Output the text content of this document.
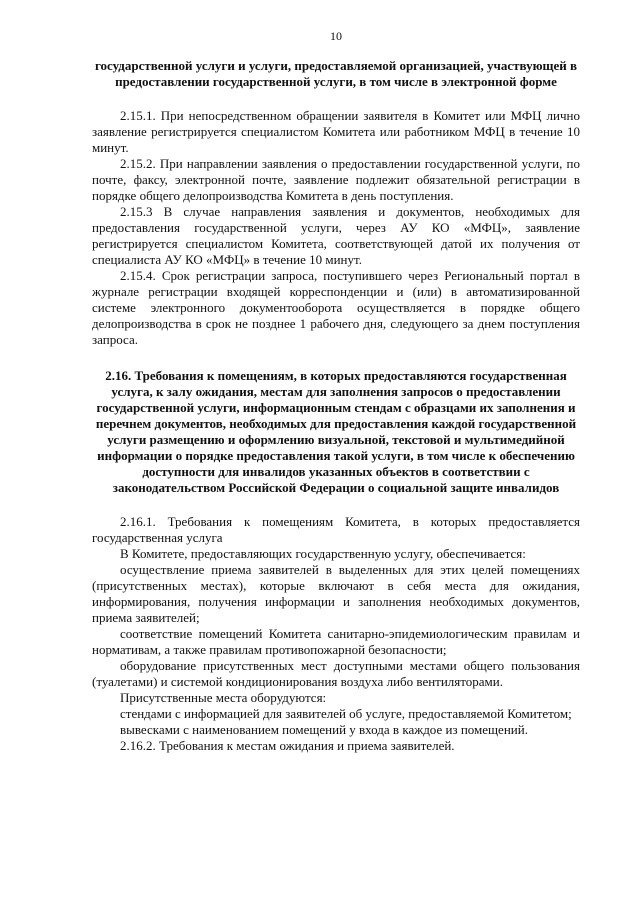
10

государственной услуги и услуги, предоставляемой организацией, участвующей в предоставлении государственной услуги, в том числе в электронной форме

2.15.1. При непосредственном обращении заявителя в Комитет или МФЦ лично заявление регистрируется специалистом Комитета или работником МФЦ в течение 10 минут.

2.15.2. При направлении заявления о предоставлении государственной услуги, по почте, факсу, электронной почте, заявление подлежит обязательной регистрации в порядке общего делопроизводства Комитета в день поступления.

2.15.3 В случае направления заявления и документов, необходимых для предоставления государственной услуги, через АУ КО «МФЦ», заявление регистрируется специалистом Комитета, соответствующей датой их получения от специалиста АУ КО «МФЦ» в течение 10 минут.

2.15.4. Срок регистрации запроса, поступившего через Региональный портал в журнале регистрации входящей корреспонденции и (или) в автоматизированной системе электронного документооборота осуществляется в порядке общего делопроизводства в срок не позднее 1 рабочего дня, следующего за днем поступления запроса.

2.16. Требования к помещениям, в которых предоставляются государственная услуга, к залу ожидания, местам для заполнения запросов о предоставлении государственной услуги, информационным стендам с образцами их заполнения и перечнем документов, необходимых для предоставления каждой государственной услуги размещению и оформлению визуальной, текстовой и мультимедийной информации о порядке предоставления такой услуги, в том числе к обеспечению доступности для инвалидов указанных объектов в соответствии с законодательством Российской Федерации о социальной защите инвалидов

2.16.1. Требования к помещениям Комитета, в которых предоставляется государственная услуга

В Комитете, предоставляющих государственную услугу, обеспечивается:

осуществление приема заявителей в выделенных для этих целей помещениях (присутственных местах), которые включают в себя места для ожидания, информирования, получения информации и заполнения необходимых документов, приема заявителей;

соответствие помещений Комитета санитарно-эпидемиологическим правилам и нормативам, а также правилам противопожарной безопасности;

оборудование присутственных мест доступными местами общего пользования (туалетами) и системой кондиционирования воздуха либо вентиляторами.

Присутственные места оборудуются:

стендами с информацией для заявителей об услуге, предоставляемой Комитетом;

вывесками с наименованием помещений у входа в каждое из помещений.

2.16.2. Требования к местам ожидания и приема заявителей.
